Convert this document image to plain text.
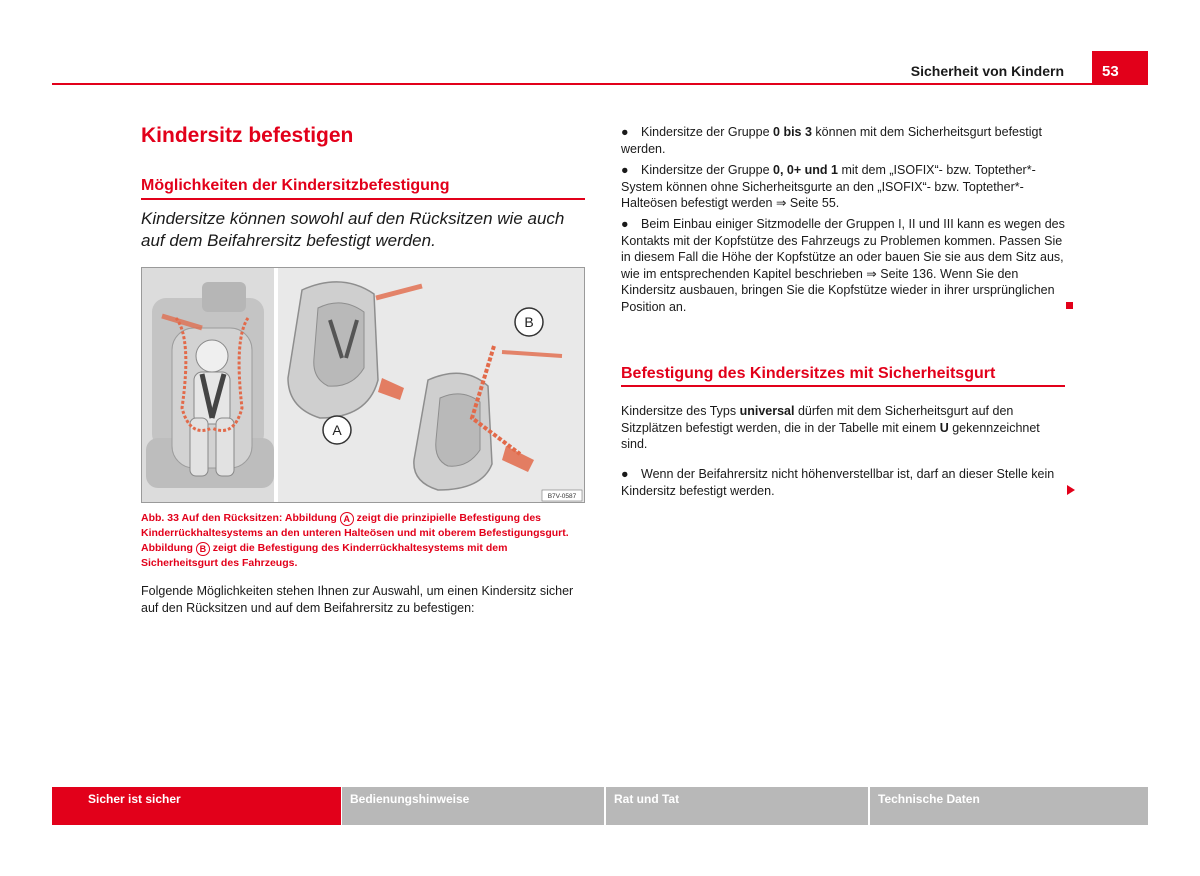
Sicherheit von Kindern	53
Kindersitz befestigen
Möglichkeiten der Kindersitzbefestigung
Kindersitze können sowohl auf den Rücksitzen wie auch auf dem Beifahrersitz befestigt werden.
A
B
B7V-0587
Abb. 33 Auf den Rücksitzen: Abbildung A zeigt die prinzipielle Befestigung des Kinderrückhaltesystems an den unteren Halteösen und mit oberem Befestigungsgurt. Abbildung B zeigt die Befestigung des Kinderrückhaltesystems mit dem Sicherheitsgurt des Fahrzeugs.
Folgende Möglichkeiten stehen Ihnen zur Auswahl, um einen Kindersitz sicher auf den Rücksitzen und auf dem Beifahrersitz zu befestigen:
● Kindersitze der Gruppe 0 bis 3 können mit dem Sicherheitsgurt befestigt werden.
● Kindersitze der Gruppe 0, 0+ und 1 mit dem „ISOFIX“- bzw. Toptether*-System können ohne Sicherheitsgurte an den „ISOFIX“- bzw. Toptether*-Halteösen befestigt werden ⇒ Seite 55.
● Beim Einbau einiger Sitzmodelle der Gruppen I, II und III kann es wegen des Kontakts mit der Kopfstütze des Fahrzeugs zu Problemen kommen. Passen Sie in diesem Fall die Höhe der Kopfstütze an oder bauen Sie sie aus dem Sitz aus, wie im entsprechenden Kapitel beschrieben ⇒ Seite 136. Wenn Sie den Kindersitz ausbauen, bringen Sie die Kopfstütze wieder in ihrer ursprünglichen Position an.
Befestigung des Kindersitzes mit Sicherheitsgurt
Kindersitze des Typs universal dürfen mit dem Sicherheitsgurt auf den Sitzplätzen befestigt werden, die in der Tabelle mit einem U gekennzeichnet sind.
● Wenn der Beifahrersitz nicht höhenverstellbar ist, darf an dieser Stelle kein Kindersitz befestigt werden.
Sicher ist sicher	Bedienungshinweise	Rat und Tat	Technische Daten
